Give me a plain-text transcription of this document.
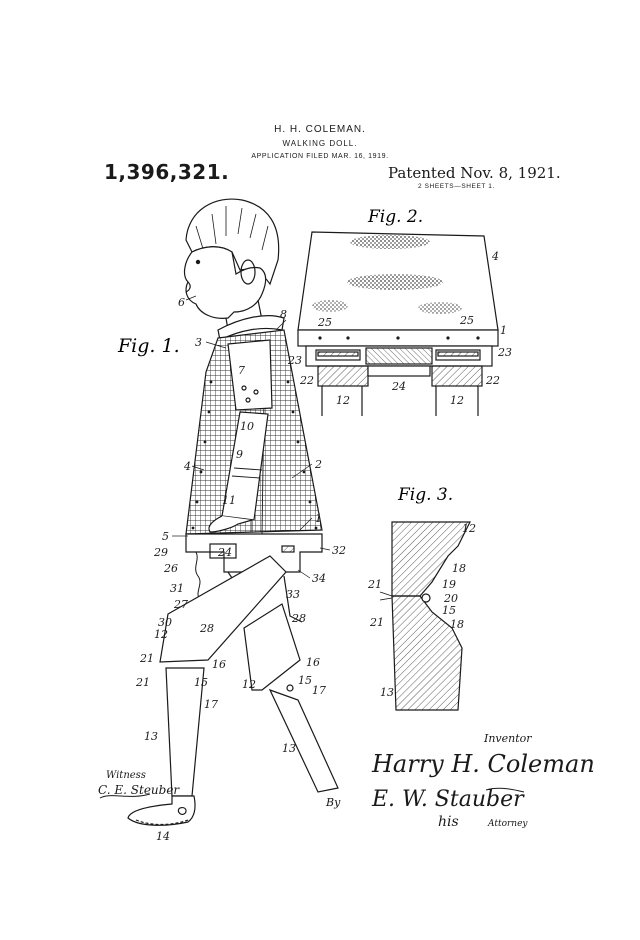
H. H. COLEMAN.
WALKING DOLL.
APPLICATION FILED MAR. 16, 1919.
1,396,321.	Patented Nov. 8, 1921.
2 SHEETS—SHEET 1.
1
2
3
4
5
6
7
8
9
10
11
12
12
13
13
14
15	15
16	16
17
17
21
21
24
26
27
28
28
29
30
31
32
33
34
Fig. 1.
Fig. 2.
4
1
25	25
23
23
22	22
24
12	12
Fig. 3.
12
18
19
20
15
18
21
21
13
Inventor
Harry H. Coleman
By E. W. Stauber
his	Attorney
Witness
C. E. Steuber
